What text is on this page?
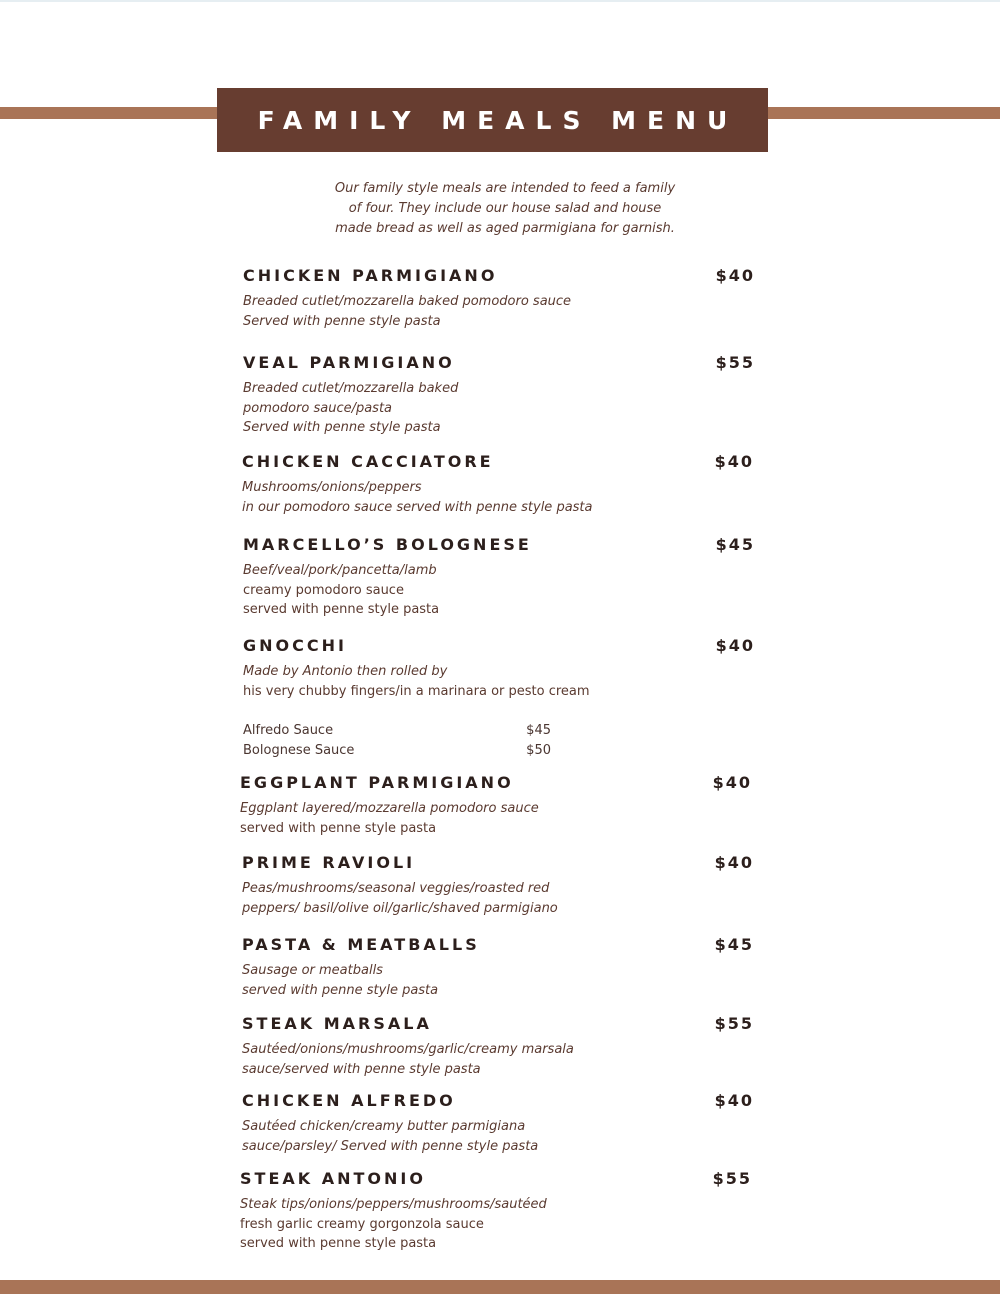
FAMILY MEALS MENU
Our family style meals are intended to feed a family of four. They include our house salad and house made bread as well as aged parmigiana for garnish.
CHICKEN PARMIGIANO	$40
Breaded cutlet/mozzarella baked pomodoro sauce
Served with penne style pasta
VEAL PARMIGIANO	$55
Breaded cutlet/mozzarella baked
pomodoro sauce/pasta
Served with penne style pasta
CHICKEN CACCIATORE	$40
Mushrooms/onions/peppers
in our pomodoro sauce served with penne style pasta
MARCELLO’S BOLOGNESE	$45
Beef/veal/pork/pancetta/lamb
creamy pomodoro sauce
served with penne style pasta
GNOCCHI	$40
Made by Antonio then rolled by
his very chubby fingers/in a marinara or pesto cream
Alfredo Sauce	$45
Bolognese Sauce	$50
EGGPLANT PARMIGIANO	$40
Eggplant layered/mozzarella pomodoro sauce
served with penne style pasta
PRIME RAVIOLI	$40
Peas/mushrooms/seasonal veggies/roasted red
peppers/ basil/olive oil/garlic/shaved parmigiano
PASTA & MEATBALLS	$45
Sausage or meatballs
served with penne style pasta
STEAK MARSALA	$55
Sautéed/onions/mushrooms/garlic/creamy marsala
sauce/served with penne style pasta
CHICKEN ALFREDO	$40
Sautéed chicken/creamy butter parmigiana
sauce/parsley/ Served with penne style pasta
STEAK ANTONIO	$55
Steak tips/onions/peppers/mushrooms/sautéed
fresh garlic creamy gorgonzola sauce
served with penne style pasta
